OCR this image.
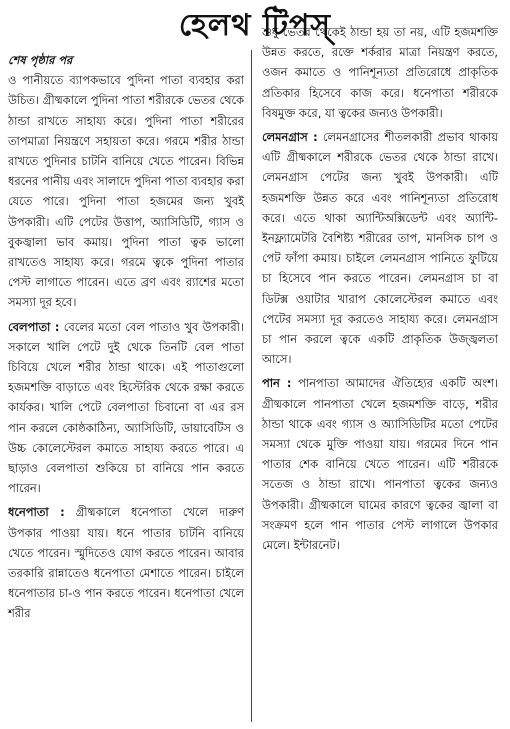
হেলথ টিপস্
শেষ পৃষ্ঠার পর

ও পানীয়তে ব্যাপকভাবে পুদিনা পাতা ব্যবহার করা উচিত। গ্রীষ্মকালে পুদিনা পাতা শরীরকে ভেতর থেকে ঠান্ডা রাখতে সাহায্য করে। পুদিনা পাতা শরীরের তাপমাত্রা নিয়ন্ত্রণে সহায়তা করে। গরমে শরীর ঠান্ডা রাখতে পুদিনার চাটনি বানিয়ে খেতে পারেন। বিভিন্ন ধরনের পানীয় এবং সালাদে পুদিনা পাতা ব্যবহার করা যেতে পারে। পুদিনা পাতা হজমের জন্য খুবই উপকারী। এটি পেটের উত্তাপ, অ্যাসিডিটি, গ্যাস ও বুকজ্বালা ভাব কমায়। পুদিনা পাতা ত্বক ভালো রাখতেও সাহায্য করে। গরমে ত্বকে পুদিনা পাতার পেস্ট লাগাতে পারেন। এতে ব্রণ এবং র‍্যাশের মতো সমস্যা দূর হবে।

বেলপাতা : বেলের মতো বেল পাতাও খুব উপকারী। সকালে খালি পেটে দুই থেকে তিনটি বেল পাতা চিবিয়ে খেলে শরীর ঠান্ডা থাকে। এই পাতাগুলো হজমশক্তি বাড়াতে এবং হিস্টেরিক থেকে রক্ষা করতে কার্যকর। খালি পেটে বেলপাতা চিবানো বা এর রস পান করলে কোষ্ঠকাঠিন্য, অ্যাসিডিটি, ডায়াবেটিস ও উচ্চ কোলেস্টেরল কমাতে সাহায্য করতে পারে। এ ছাড়াও বেলপাতা শুকিয়ে চা বানিয়ে পান করতে পারেন।

ধনেপাতা : গ্রীষ্মকালে ধনেপাতা খেলে দারুণ উপকার পাওয়া যায়। ধনে পাতার চাটনি বানিয়ে খেতে পারেন। স্মুদিতেও যোগ করতে পারেন। আবার তরকারি রান্নাতেও ধনেপাতা মেশাতে পারেন। চাইলে ধনেপাতার চা-ও পান করতে পারেন। ধনেপাতা খেলে শরীর

শুধু ভেতর থেকেই ঠান্ডা হয় তা নয়, এটি হজমশক্তি উন্নত করতে, রক্তে শর্করার মাত্রা নিয়ন্ত্রণ করতে, ওজন কমাতে ও পানিশূন্যতা প্রতিরোধে প্রাকৃতিক প্রতিকার হিসেবে কাজ করে। ধনেপাতা শরীরকে বিষমুক্ত করে, যা ত্বকের জন্যও উপকারী।

লেমনগ্রাস : লেমনগ্রাসের শীতলকারী প্রভাব থাকায় এটি গ্রীষ্মকালে শরীরকে ভেতর থেকে ঠান্ডা রাখে। লেমনগ্রাস পেটের জন্য খুবই উপকারী। এটি হজমশক্তি উন্নত করে এবং পানিশূন্যতা প্রতিরোধ করে। এতে থাকা অ্যান্টিঅক্সিডেন্ট এবং অ্যান্টি-ইনফ্ল্যামেটরি বৈশিষ্ট্য শরীরের তাপ, মানসিক চাপ ও পেট ফাঁপা কমায়। চাইলে লেমনগ্রাস পানিতে ফুটিয়ে চা হিসেবে পান করতে পারেন। লেমনগ্রাস চা বা ডিটক্স ওয়াটার খারাপ কোলেস্টেরল কমাতে এবং পেটের সমস্যা দূর করতেও সাহায্য করে। লেমনগ্রাস চা পান করলে ত্বকে একটি প্রাকৃতিক উজ্জ্বলতা আসে।

পান : পানপাতা আমাদের ঐতিহ্যের একটি অংশ। গ্রীষ্মকালে পানপাতা খেলে হজমশক্তি বাড়ে, শরীর ঠান্ডা থাকে এবং গ্যাস ও অ্যাসিডিটির মতো পেটের সমস্যা থেকে মুক্তি পাওয়া যায়। গরমের দিনে পান পাতার শেক বানিয়ে খেতে পারেন। এটি শরীরকে সতেজ ও ঠান্ডা রাখে। পানপাতা ত্বকের জন্যও উপকারী। গ্রীষ্মকালে ঘামের কারণে ত্বকের জ্বালা বা সংক্রমণ হলে পান পাতার পেস্ট লাগালে উপকার মেলে। ইন্টারনেট।
